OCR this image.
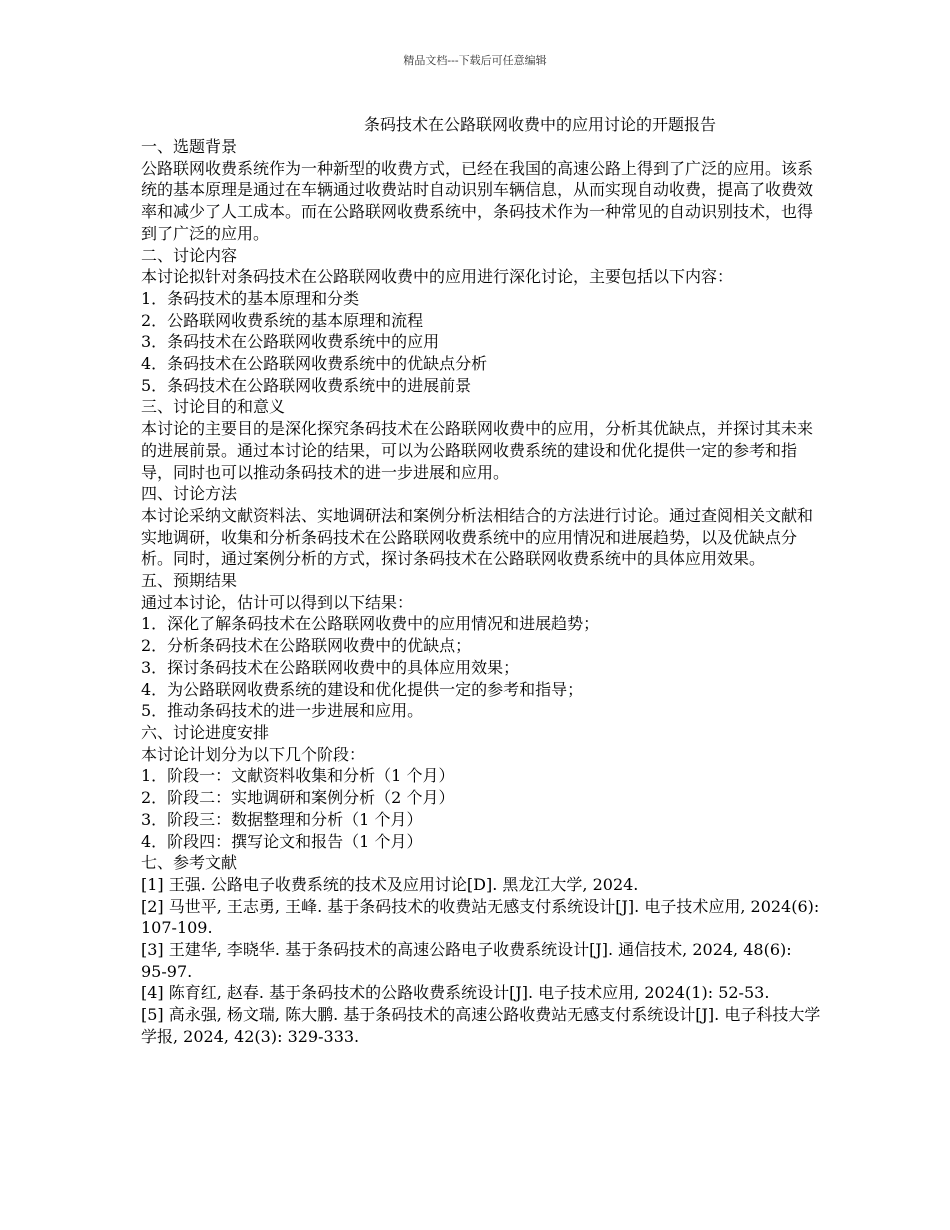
精品文档---下载后可任意编辑
条码技术在公路联网收费中的应用讨论的开题报告

一、选题背景

公路联网收费系统作为一种新型的收费方式，已经在我国的高速公路上得到了广泛的应用。该系统的基本原理是通过在车辆通过收费站时自动识别车辆信息，从而实现自动收费，提高了收费效率和减少了人工成本。而在公路联网收费系统中，条码技术作为一种常见的自动识别技术，也得到了广泛的应用。

二、讨论内容

本讨论拟针对条码技术在公路联网收费中的应用进行深化讨论，主要包括以下内容：

1．条码技术的基本原理和分类

2．公路联网收费系统的基本原理和流程

3．条码技术在公路联网收费系统中的应用

4．条码技术在公路联网收费系统中的优缺点分析

5．条码技术在公路联网收费系统中的进展前景

三、讨论目的和意义

本讨论的主要目的是深化探究条码技术在公路联网收费中的应用，分析其优缺点，并探讨其未来的进展前景。通过本讨论的结果，可以为公路联网收费系统的建设和优化提供一定的参考和指导，同时也可以推动条码技术的进一步进展和应用。

四、讨论方法

本讨论采纳文献资料法、实地调研法和案例分析法相结合的方法进行讨论。通过查阅相关文献和实地调研，收集和分析条码技术在公路联网收费系统中的应用情况和进展趋势，以及优缺点分析。同时，通过案例分析的方式，探讨条码技术在公路联网收费系统中的具体应用效果。

五、预期结果

通过本讨论，估计可以得到以下结果：

1．深化了解条码技术在公路联网收费中的应用情况和进展趋势；

2．分析条码技术在公路联网收费中的优缺点；

3．探讨条码技术在公路联网收费中的具体应用效果；

4．为公路联网收费系统的建设和优化提供一定的参考和指导；

5．推动条码技术的进一步进展和应用。

六、讨论进度安排

本讨论计划分为以下几个阶段：

1．阶段一：文献资料收集和分析（1 个月）

2．阶段二：实地调研和案例分析（2 个月）

3．阶段三：数据整理和分析（1 个月）

4．阶段四：撰写论文和报告（1 个月）

七、参考文献

[1] 王强. 公路电子收费系统的技术及应用讨论[D]. 黑龙江大学, 2024.

[2] 马世平, 王志勇, 王峰. 基于条码技术的收费站无感支付系统设计[J]. 电子技术应用, 2024(6): 107-109.

[3] 王建华, 李晓华. 基于条码技术的高速公路电子收费系统设计[J]. 通信技术, 2024, 48(6): 95-97.

[4] 陈育红, 赵春. 基于条码技术的公路收费系统设计[J]. 电子技术应用, 2024(1): 52-53.

[5] 高永强, 杨文瑞, 陈大鹏. 基于条码技术的高速公路收费站无感支付系统设计[J]. 电子科技大学学报, 2024, 42(3): 329-333.
